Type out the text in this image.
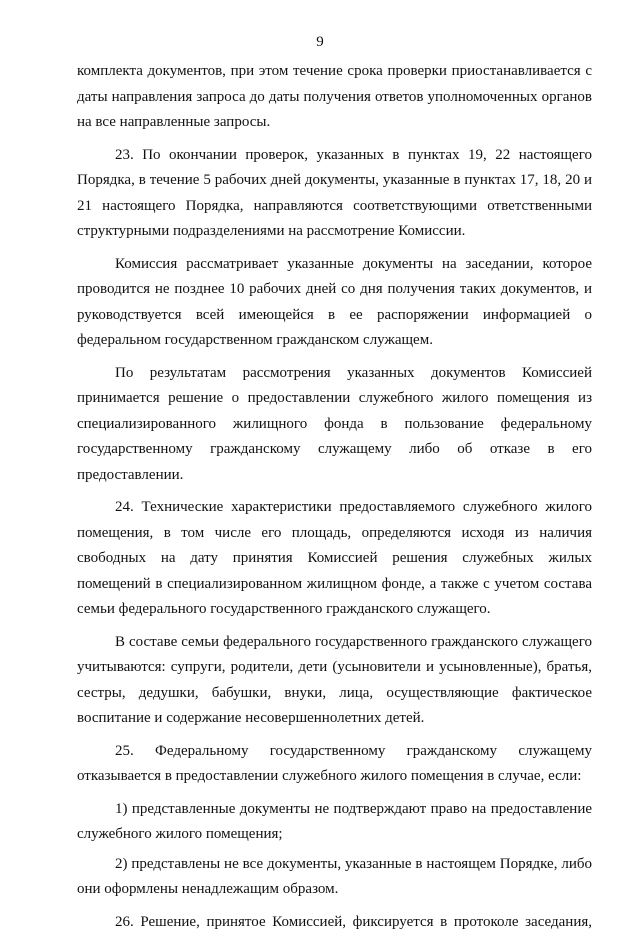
9

комплекта документов, при этом течение срока проверки приостанавливается с даты направления запроса до даты получения ответов уполномоченных органов на все направленные запросы.

23. По окончании проверок, указанных в пунктах 19, 22 настоящего Порядка, в течение 5 рабочих дней документы, указанные в пунктах 17, 18, 20 и 21 настоящего Порядка, направляются соответствующими ответственными структурными подразделениями на рассмотрение Комиссии.

Комиссия рассматривает указанные документы на заседании, которое проводится не позднее 10 рабочих дней со дня получения таких документов, и руководствуется всей имеющейся в ее распоряжении информацией о федеральном государственном гражданском служащем.

По результатам рассмотрения указанных документов Комиссией принимается решение о предоставлении служебного жилого помещения из специализированного жилищного фонда в пользование федеральному государственному гражданскому служащему либо об отказе в его предоставлении.

24. Технические характеристики предоставляемого служебного жилого помещения, в том числе его площадь, определяются исходя из наличия свободных на дату принятия Комиссией решения служебных жилых помещений в специализированном жилищном фонде, а также с учетом состава семьи федерального государственного гражданского служащего.

В составе семьи федерального государственного гражданского служащего учитываются: супруги, родители, дети (усыновители и усыновленные), братья, сестры, дедушки, бабушки, внуки, лица, осуществляющие фактическое воспитание и содержание несовершеннолетних детей.

25. Федеральному государственному гражданскому служащему отказывается в предоставлении служебного жилого помещения в случае, если:

1) представленные документы не подтверждают право на предоставление служебного жилого помещения;

2) представлены не все документы, указанные в настоящем Порядке, либо они оформлены ненадлежащим образом.

26. Решение, принятое Комиссией, фиксируется в протоколе заседания,
